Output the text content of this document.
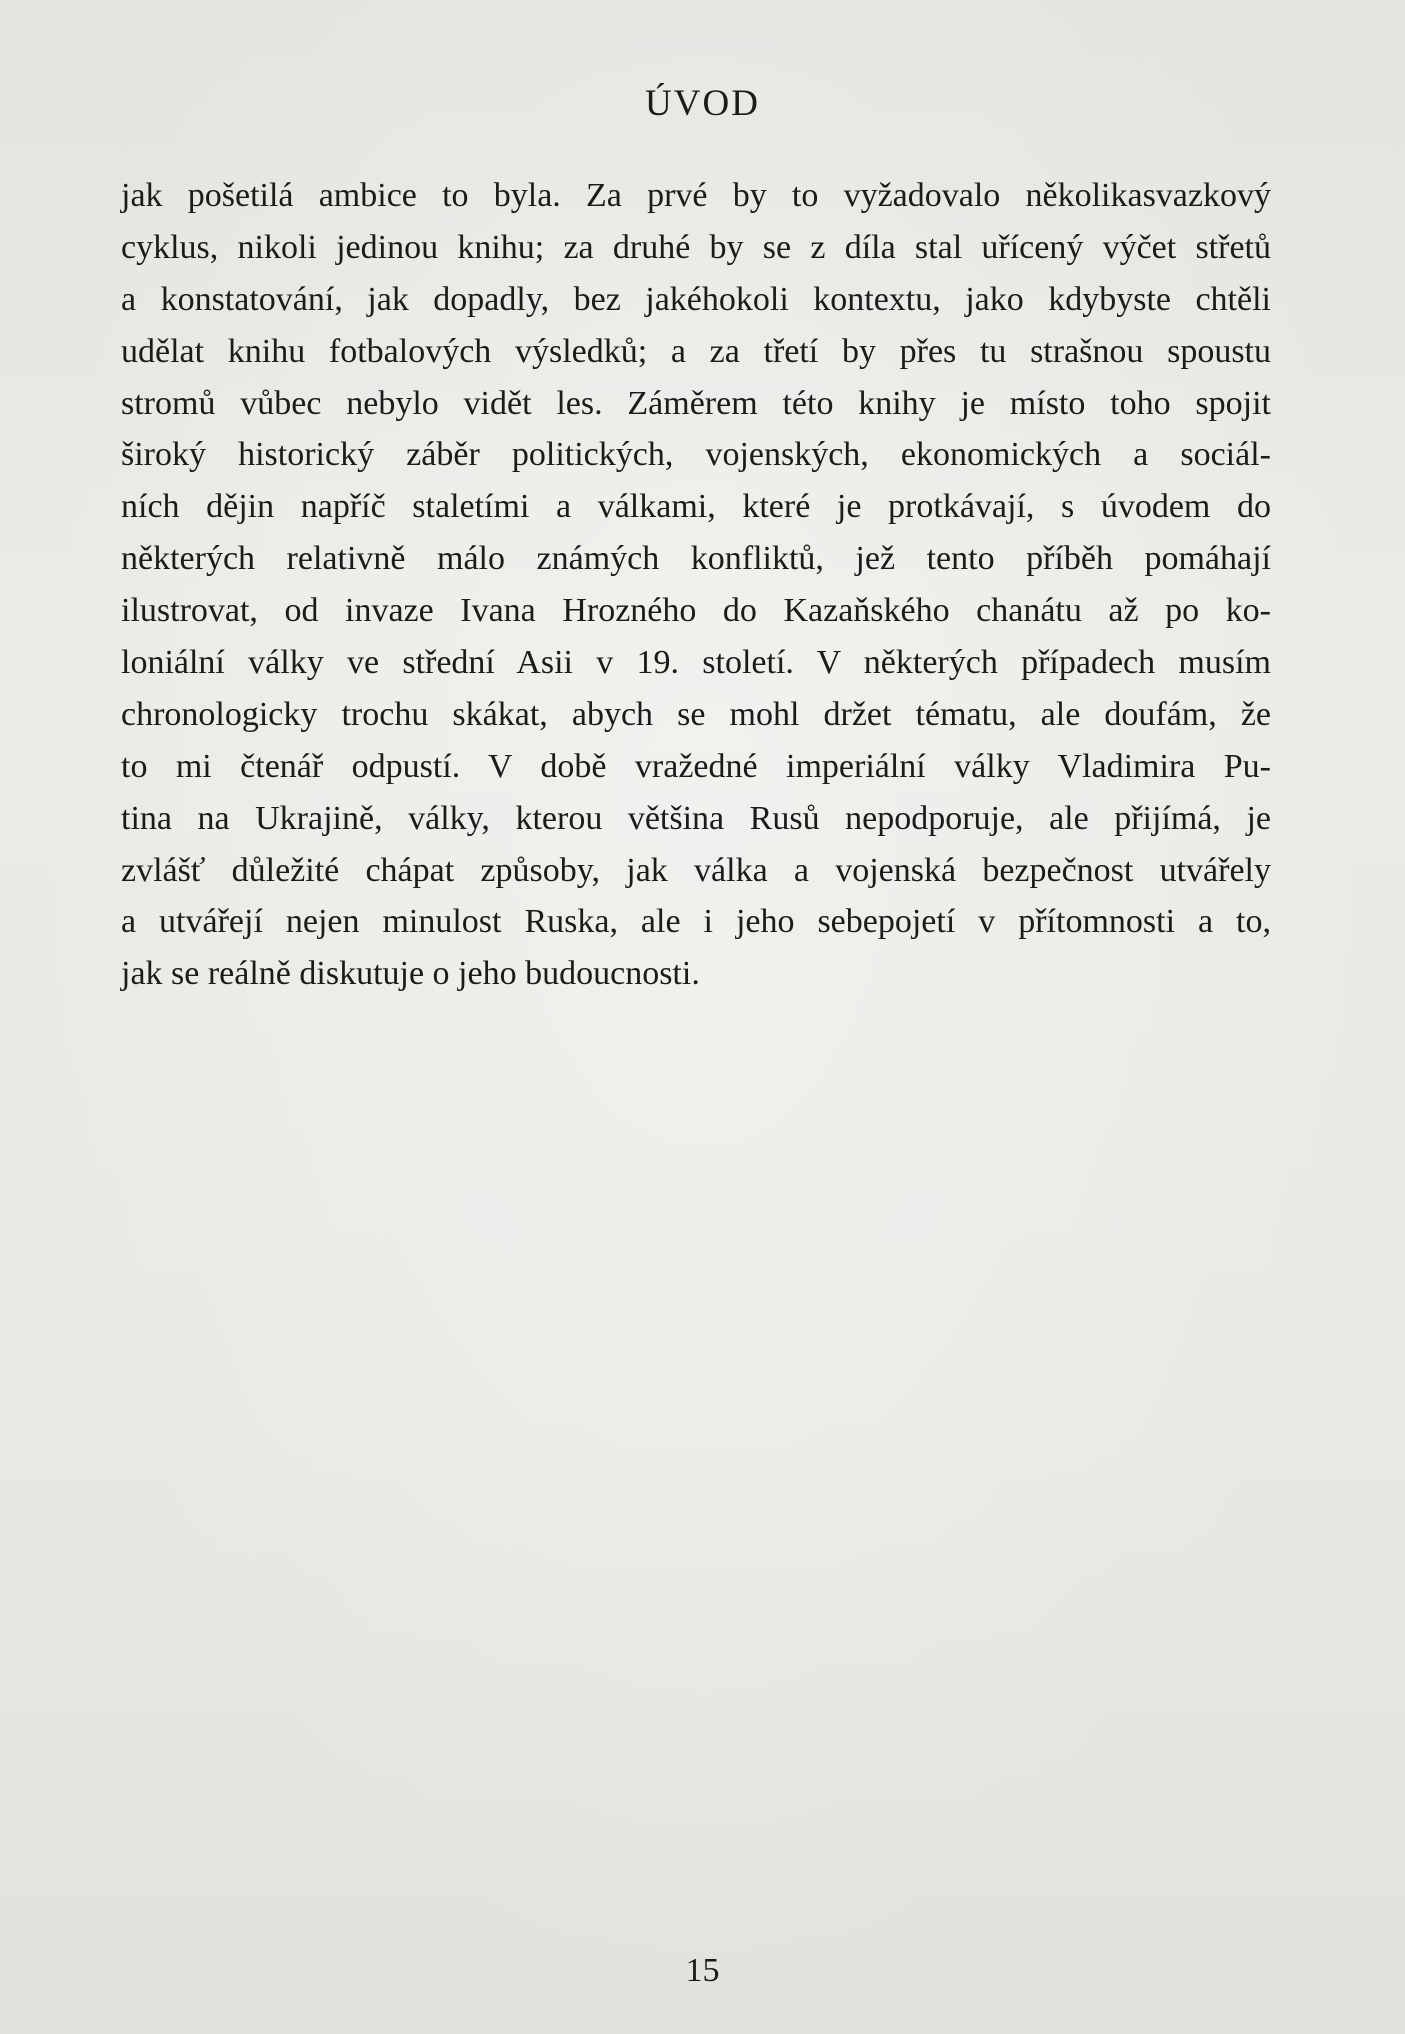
ÚVOD
jak pošetilá ambice to byla. Za prvé by to vyžadovalo několikasvazkový
cyklus, nikoli jedinou knihu; za druhé by se z díla stal uřícený výčet střetů
a konstatování, jak dopadly, bez jakéhokoli kontextu, jako kdybyste chtěli
udělat knihu fotbalových výsledků; a za třetí by přes tu strašnou spoustu
stromů vůbec nebylo vidět les. Záměrem této knihy je místo toho spojit
široký historický záběr politických, vojenských, ekonomických a sociál-
ních dějin napříč staletími a válkami, které je protkávají, s úvodem do
některých relativně málo známých konfliktů, jež tento příběh pomáhají
ilustrovat, od invaze Ivana Hrozného do Kazaňského chanátu až po ko-
loniální války ve střední Asii v 19. století. V některých případech musím
chronologicky trochu skákat, abych se mohl držet tématu, ale doufám, že
to mi čtenář odpustí. V době vražedné imperiální války Vladimira Pu-
tina na Ukrajině, války, kterou většina Rusů nepodporuje, ale přijímá, je
zvlášť důležité chápat způsoby, jak válka a vojenská bezpečnost utvářely
a utvářejí nejen minulost Ruska, ale i jeho sebepojetí v přítomnosti a to,
jak se reálně diskutuje o jeho budoucnosti.
15
